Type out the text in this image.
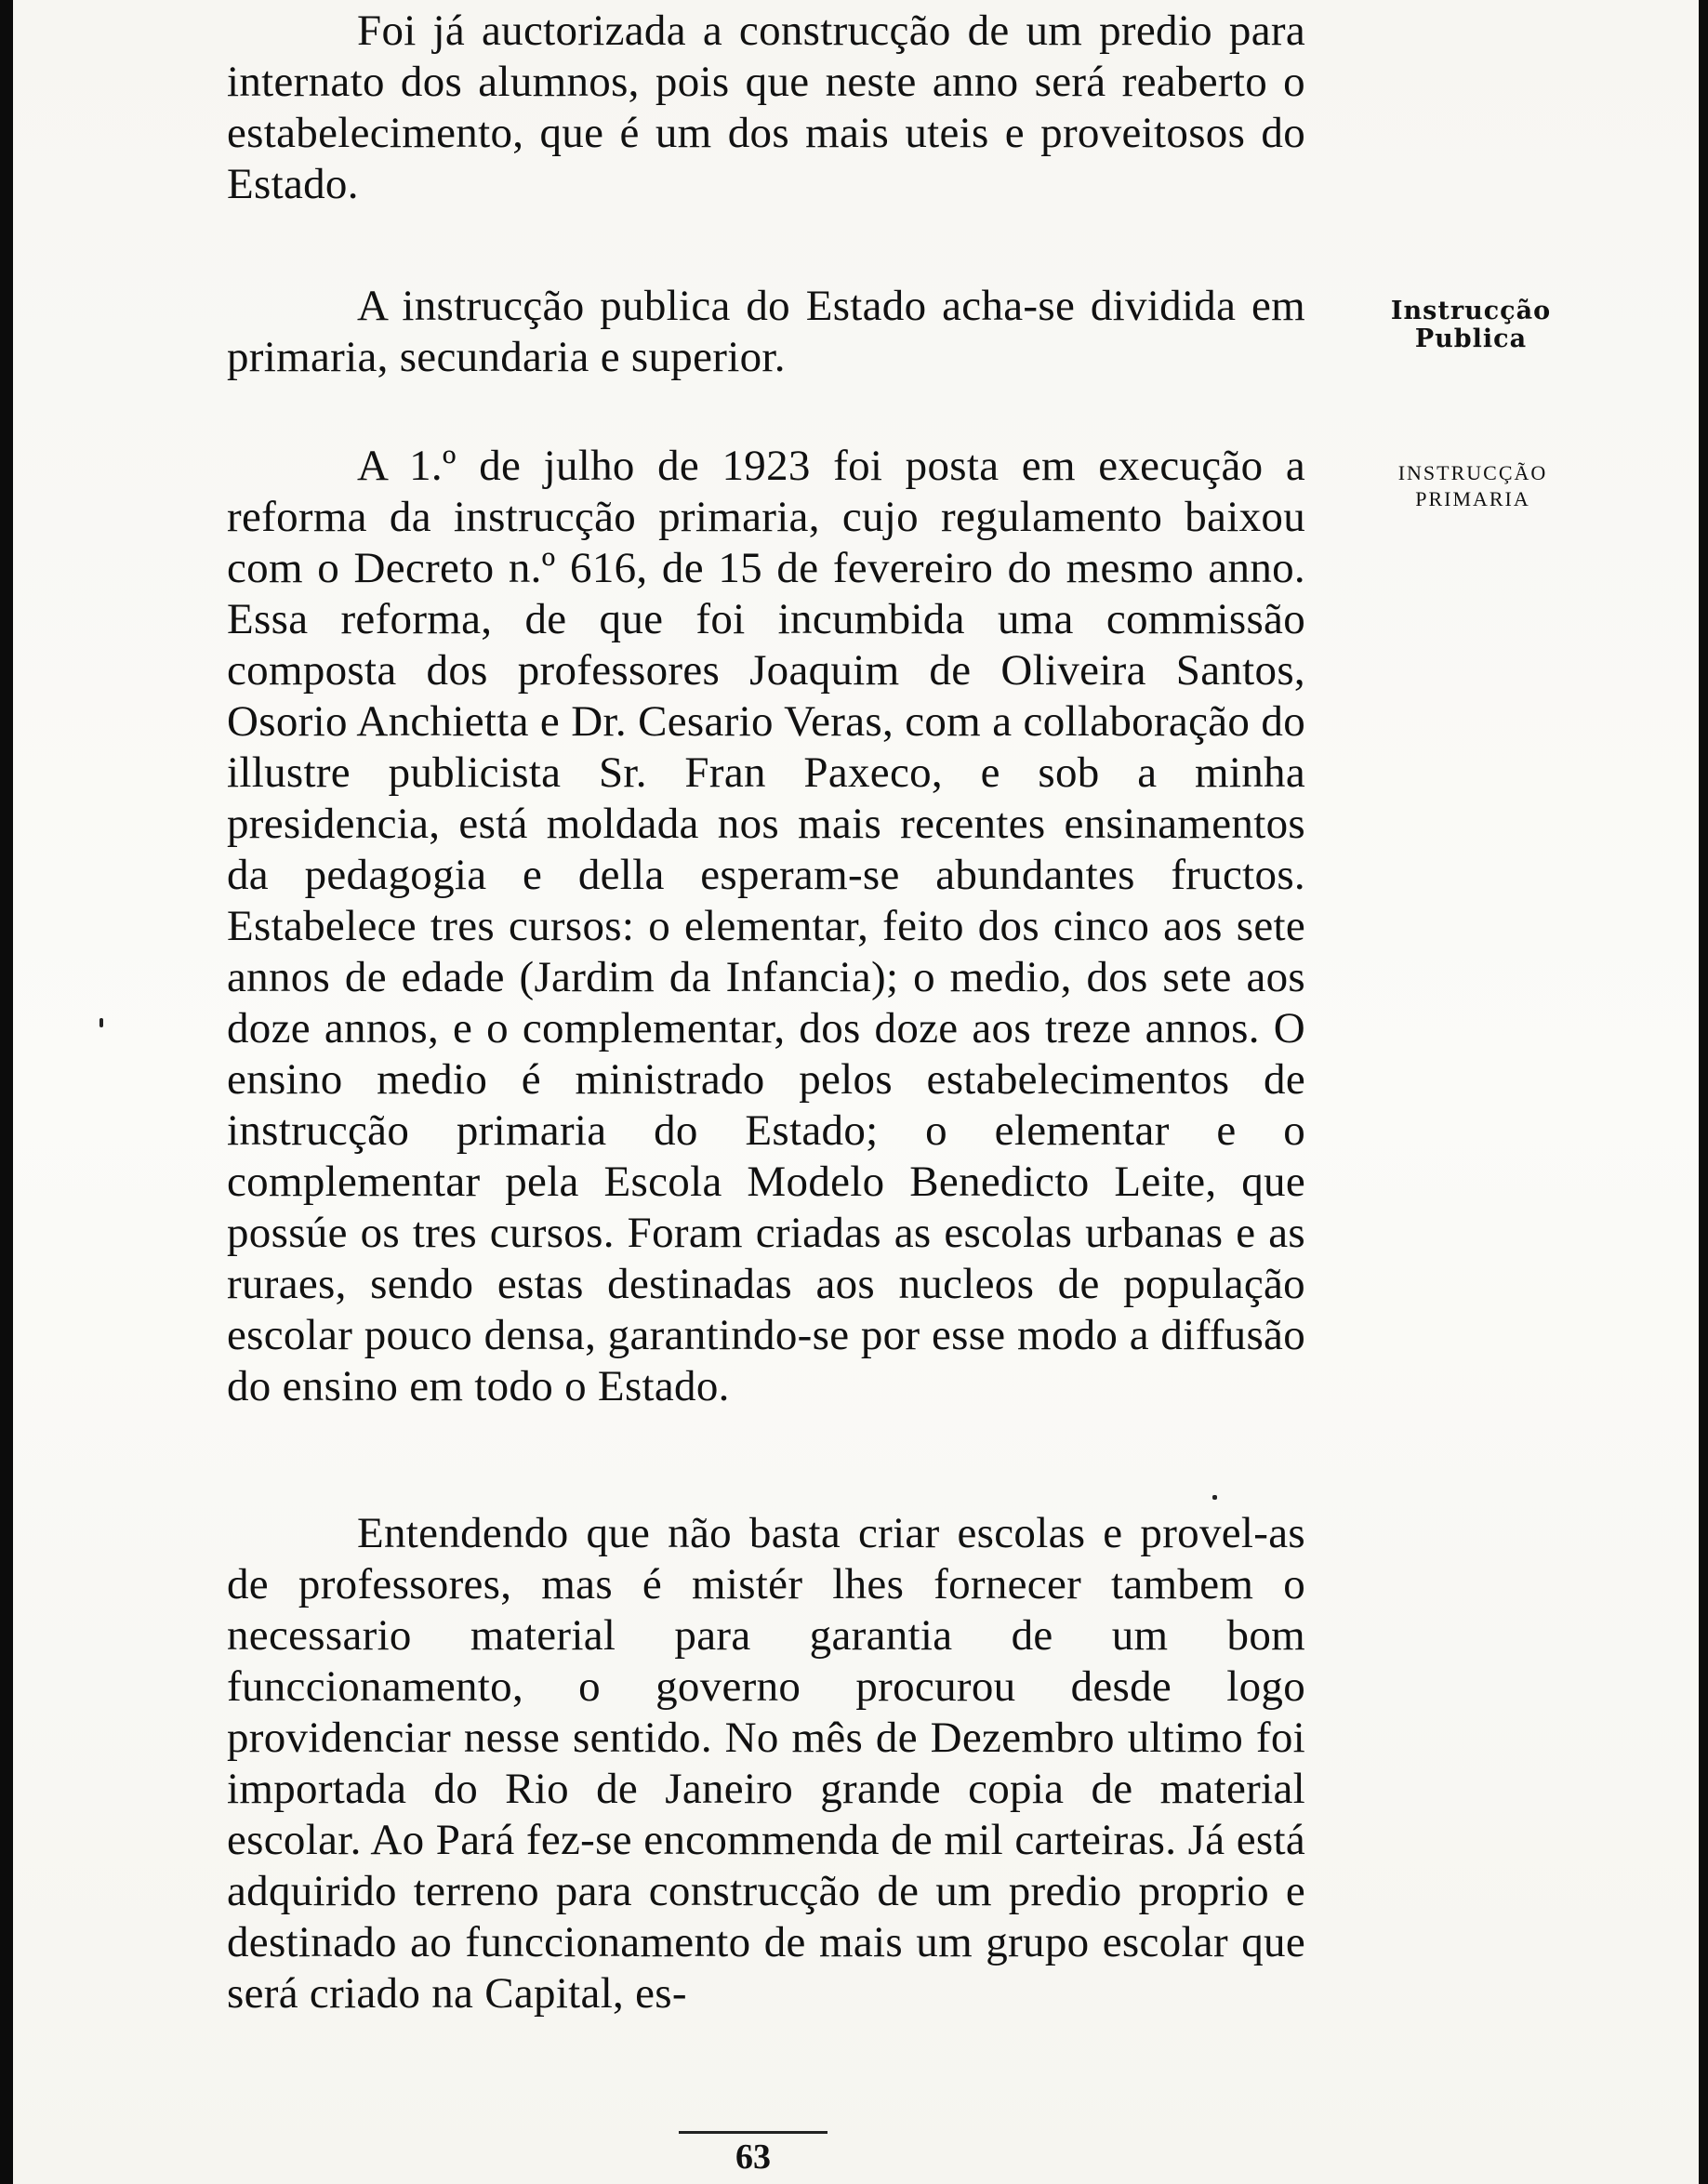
Foi já auctorizada a construcção de um predio para internato dos alumnos, pois que neste anno será reaberto o estabelecimento, que é um dos mais uteis e proveitosos do Estado.

A instrucção publica do Estado acha-se dividida em primaria, secundaria e superior.

A 1.º de julho de 1923 foi posta em execução a reforma da instrucção primaria, cujo regulamento baixou com o Decreto n.º 616, de 15 de fevereiro do mesmo anno. Essa reforma, de que foi incumbida uma commissão composta dos professores Joaquim de Oliveira Santos, Osorio Anchietta e Dr. Cesario Veras, com a collaboração do illustre publicista Sr. Fran Paxeco, e sob a minha presidencia, está moldada nos mais recentes ensinamentos da pedagogia e della esperam-se abundantes fructos. Estabelece tres cursos: o elementar, feito dos cinco aos sete annos de edade (Jardim da Infancia); o medio, dos sete aos doze annos, e o complementar, dos doze aos treze annos. O ensino medio é ministrado pelos estabelecimentos de instrucção primaria do Estado; o elementar e o complementar pela Escola Modelo Benedicto Leite, que possúe os tres cursos. Foram criadas as escolas urbanas e as ruraes, sendo estas destinadas aos nucleos de população escolar pouco densa, garantindo-se por esse modo a diffusão do ensino em todo o Estado.

Entendendo que não basta criar escolas e provel-as de professores, mas é mistér lhes fornecer tambem o necessario material para garantia de um bom funccionamento, o governo procurou desde logo providenciar nesse sentido. No mês de Dezembro ultimo foi importada do Rio de Janeiro grande copia de material escolar. Ao Pará fez-se encommenda de mil carteiras. Já está adquirido terreno para construcção de um predio proprio e destinado ao funccionamento de mais um grupo escolar que será criado na Capital, es-

Instrucção
Publica
INSTRUCÇÃO
PRIMARIA
63
